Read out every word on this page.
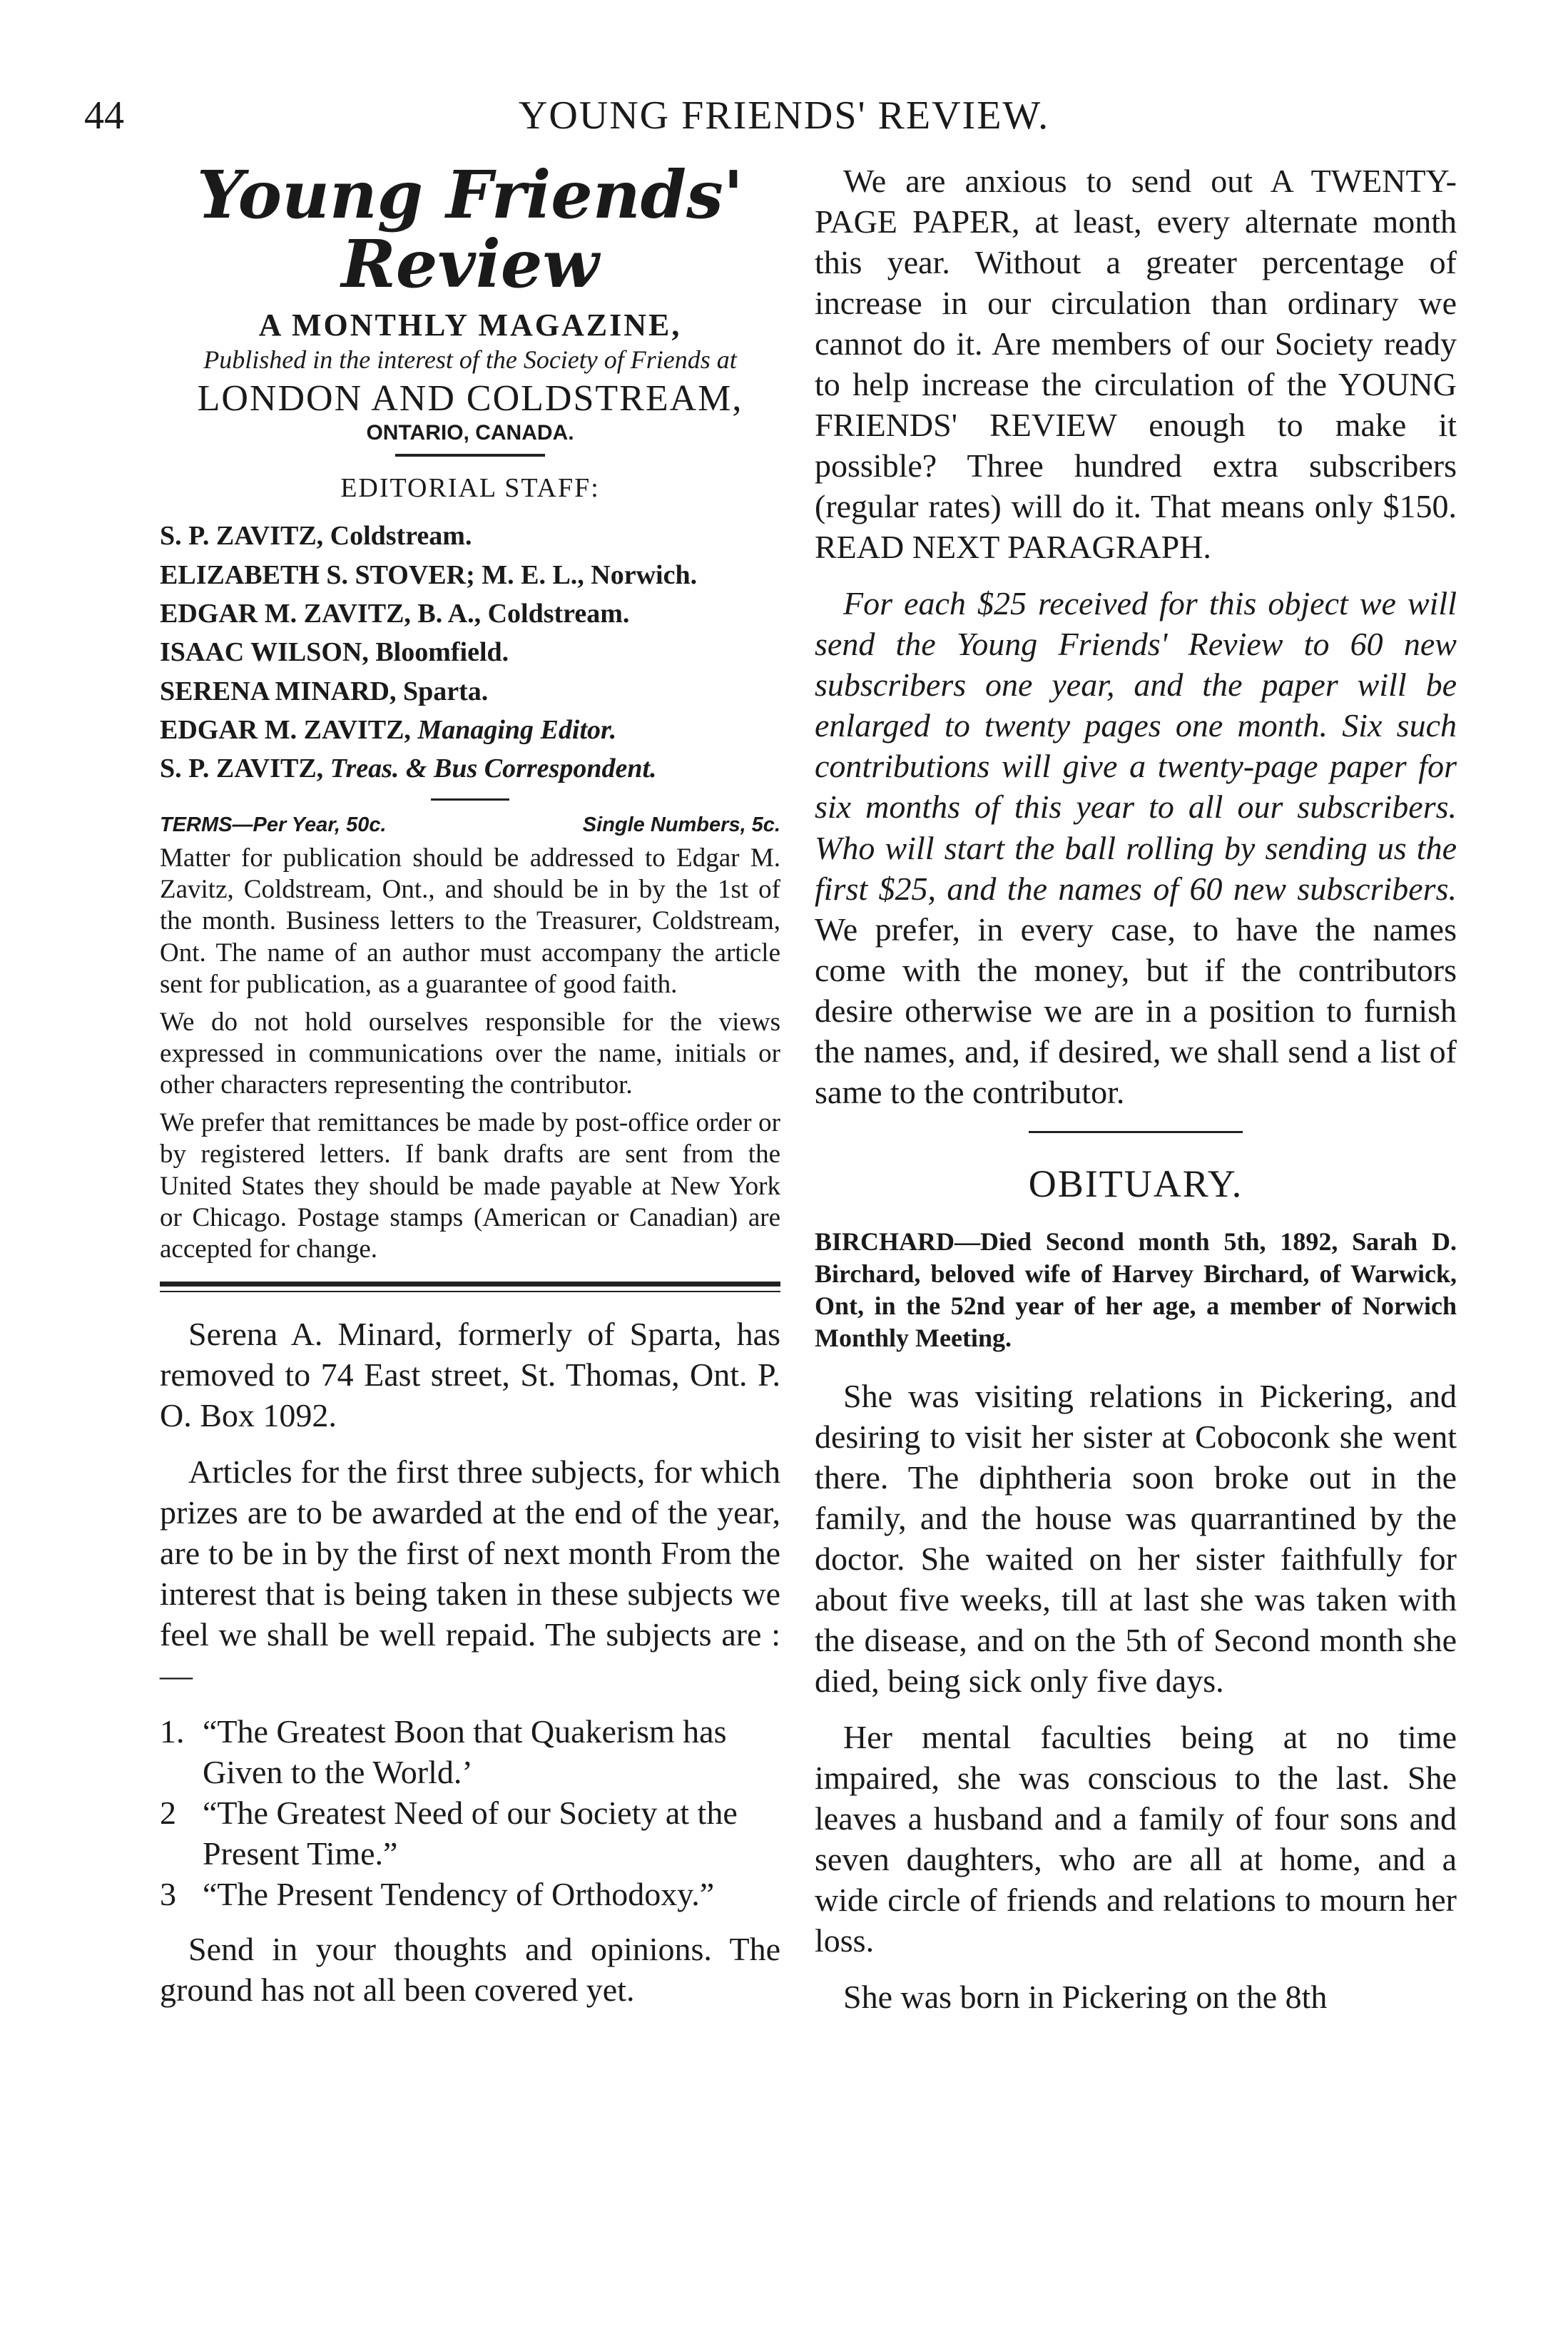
44	YOUNG FRIENDS' REVIEW.
Young Friends' Review
A MONTHLY MAGAZINE,
Published in the interest of the Society of Friends at
LONDON AND COLDSTREAM,
ONTARIO, CANADA.
EDITORIAL STAFF:
S. P. ZAVITZ, Coldstream.
ELIZABETH S. STOVER; M. E. L., Norwich.
EDGAR M. ZAVITZ, B. A., Coldstream.
ISAAC WILSON, Bloomfield.
SERENA MINARD, Sparta.
EDGAR M. ZAVITZ, Managing Editor.
S. P. ZAVITZ, Treas. & Bus Correspondent.
TERMS—Per Year, 50c.	Single Numbers, 5c.

Matter for publication should be addressed to Edgar M. Zavitz, Coldstream, Ont., and should be in by the 1st of the month. Business letters to the Treasurer, Coldstream, Ont. The name of an author must accompany the article sent for publication, as a guarantee of good faith.

We do not hold ourselves responsible for the views expressed in communications over the name, initials or other characters representing the contributor.

We prefer that remittances be made by post-office order or by registered letters. If bank drafts are sent from the United States they should be made payable at New York or Chicago. Postage stamps (American or Canadian) are accepted for change.

Serena A. Minard, formerly of Sparta, has removed to 74 East street, St. Thomas, Ont. P. O. Box 1092.

Articles for the first three subjects, for which prizes are to be awarded at the end of the year, are to be in by the first of next month From the interest that is being taken in these subjects we feel we shall be well repaid. The subjects are :—

1. “The Greatest Boon that Quakerism has Given to the World.’
2 “The Greatest Need of our Society at the Present Time.”
3 “The Present Tendency of Orthodoxy.”

Send in your thoughts and opinions. The ground has not all been covered yet.

We are anxious to send out A TWENTY-PAGE PAPER, at least, every alternate month this year. Without a greater percentage of increase in our circulation than ordinary we cannot do it. Are members of our Society ready to help increase the circulation of the YOUNG FRIENDS' REVIEW enough to make it possible? Three hundred extra subscribers (regular rates) will do it. That means only $150. READ NEXT PARAGRAPH.

For each $25 received for this object we will send the Young Friends' Review to 60 new subscribers one year, and the paper will be enlarged to twenty pages one month. Six such contributions will give a twenty-page paper for six months of this year to all our subscribers. Who will start the ball rolling by sending us the first $25, and the names of 60 new subscribers. We prefer, in every case, to have the names come with the money, but if the contributors desire otherwise we are in a position to furnish the names, and, if desired, we shall send a list of same to the contributor.

OBITUARY.

BIRCHARD—Died Second month 5th, 1892, Sarah D. Birchard, beloved wife of Harvey Birchard, of Warwick, Ont, in the 52nd year of her age, a member of Norwich Monthly Meeting.

She was visiting relations in Pickering, and desiring to visit her sister at Coboconk she went there. The diphtheria soon broke out in the family, and the house was quarrantined by the doctor. She waited on her sister faithfully for about five weeks, till at last she was taken with the disease, and on the 5th of Second month she died, being sick only five days.

Her mental faculties being at no time impaired, she was conscious to the last. She leaves a husband and a family of four sons and seven daughters, who are all at home, and a wide circle of friends and relations to mourn her loss.

She was born in Pickering on the 8th
